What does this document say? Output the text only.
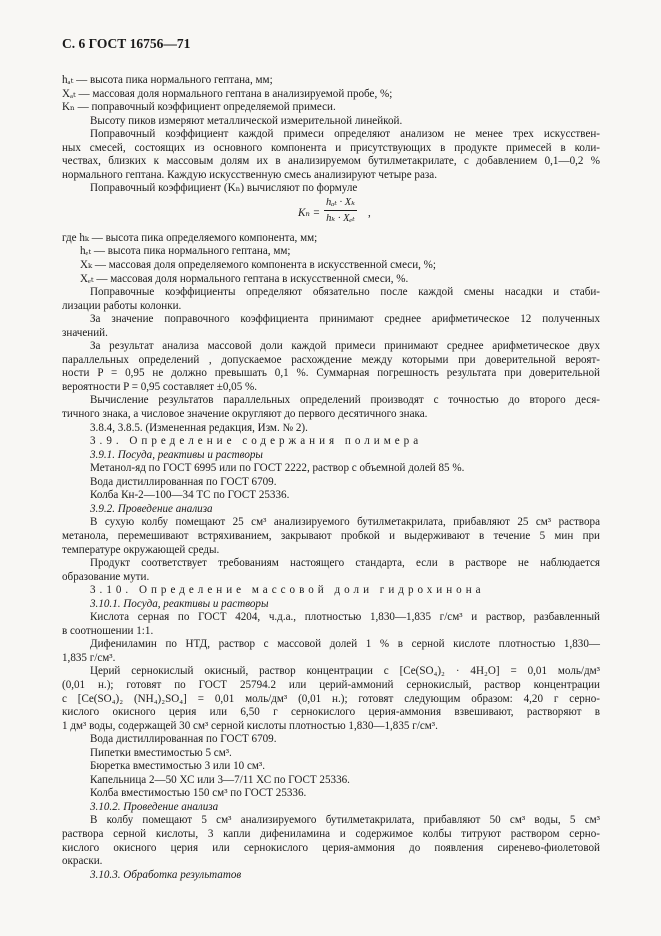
С. 6 ГОСТ 16756—71
hₐₜ — высота пика нормального гептана, мм;
Xₐₜ — массовая доля нормального гептана в анализируемой пробе, %;
Kₙ — поправочный коэффициент определяемой примеси.
Высоту пиков измеряют металлической измерительной линейкой.
Поправочный коэффициент каждой примеси определяют анализом не менее трех искусствен-
ных смесей, состоящих из основного компонента и присутствующих в продукте примесей в коли-
чествах, близких к массовым долям их в анализируемом бутилметакрилате, с добавлением 0,1—0,2 %
нормального гептана. Каждую искусственную смесь анализируют четыре раза.
Поправочный коэффициент (Kₙ) вычисляют по формуле
Kₙ =
hₐₜ · Xₖ
hₖ · Xₑₜ
,
где hₖ — высота пика определяемого компонента, мм;
hₑₜ — высота пика нормального гептана, мм;
Xₖ — массовая доля определяемого компонента в искусственной смеси, %;
Xₑₜ — массовая доля нормального гептана в искусственной смеси, %.
Поправочные коэффициенты определяют обязательно после каждой смены насадки и стаби-
лизации работы колонки.
За значение поправочного коэффициента принимают среднее арифметическое 12 полученных
значений.
За результат анализа массовой доли каждой примеси принимают среднее арифметическое двух
параллельных определений , допускаемое расхождение между которыми при доверительной вероят-
ности P = 0,95 не должно превышать 0,1 %. Суммарная погрешность результата при доверительной
вероятности P = 0,95 составляет ±0,05 %.
Вычисление результатов параллельных определений производят с точностью до второго деся-
тичного знака, а числовое значение округляют до первого десятичного знака.
3.8.4, 3.8.5. (Измененная редакция, Изм. № 2).
3.9. Определение содержания полимера
3.9.1. Посуда, реактивы и растворы
Метанол-яд по ГОСТ 6995 или по ГОСТ 2222, раствор с объемной долей 85 %.
Вода дистиллированная по ГОСТ 6709.
Колба Кн-2—100—34 ТС по ГОСТ 25336.
3.9.2. Проведение анализа
В сухую колбу помещают 25 см³ анализируемого бутилметакрилата, прибавляют 25 см³ раствора
метанола, перемешивают встряхиванием, закрывают пробкой и выдерживают в течение 5 мин при
температуре окружающей среды.
Продукт соответствует требованиям настоящего стандарта, если в растворе не наблюдается
образование мути.
3.10. Определение массовой доли гидрохинона
3.10.1. Посуда, реактивы и растворы
Кислота серная по ГОСТ 4204, ч.д.а., плотностью 1,830—1,835 г/см³ и раствор, разбавленный
в соотношении 1:1.
Дифениламин по НТД, раствор с массовой долей 1 % в серной кислоте плотностью 1,830—
1,835 г/см³.
Церий сернокислый окисный, раствор концентрации c [Ce(SO₄)₂ · 4H₂O] = 0,01 моль/дм³
(0,01 н.); готовят по ГОСТ 25794.2 или церий-аммоний сернокислый, раствор концентрации
c [Ce(SO₄)₂ (NH₄)₂SO₄] = 0,01 моль/дм³ (0,01 н.); готовят следующим образом: 4,20 г серно-
кислого окисного церия или 6,50 г сернокислого церия-аммония взвешивают, растворяют в
1 дм³ воды, содержащей 30 см³ серной кислоты плотностью 1,830—1,835 г/см³.
Вода дистиллированная по ГОСТ 6709.
Пипетки вместимостью 5 см³.
Бюретка вместимостью 3 или 10 см³.
Капельница 2—50 ХС или 3—7/11 ХС по ГОСТ 25336.
Колба вместимостью 150 см³ по ГОСТ 25336.
3.10.2. Проведение анализа
В колбу помещают 5 см³ анализируемого бутилметакрилата, прибавляют 50 см³ воды, 5 см³
раствора серной кислоты, 3 капли дифениламина и содержимое колбы титруют раствором серно-
кислого окисного церия или сернокислого церия-аммония до появления сиренево-фиолетовой
окраски.
3.10.3. Обработка результатов
